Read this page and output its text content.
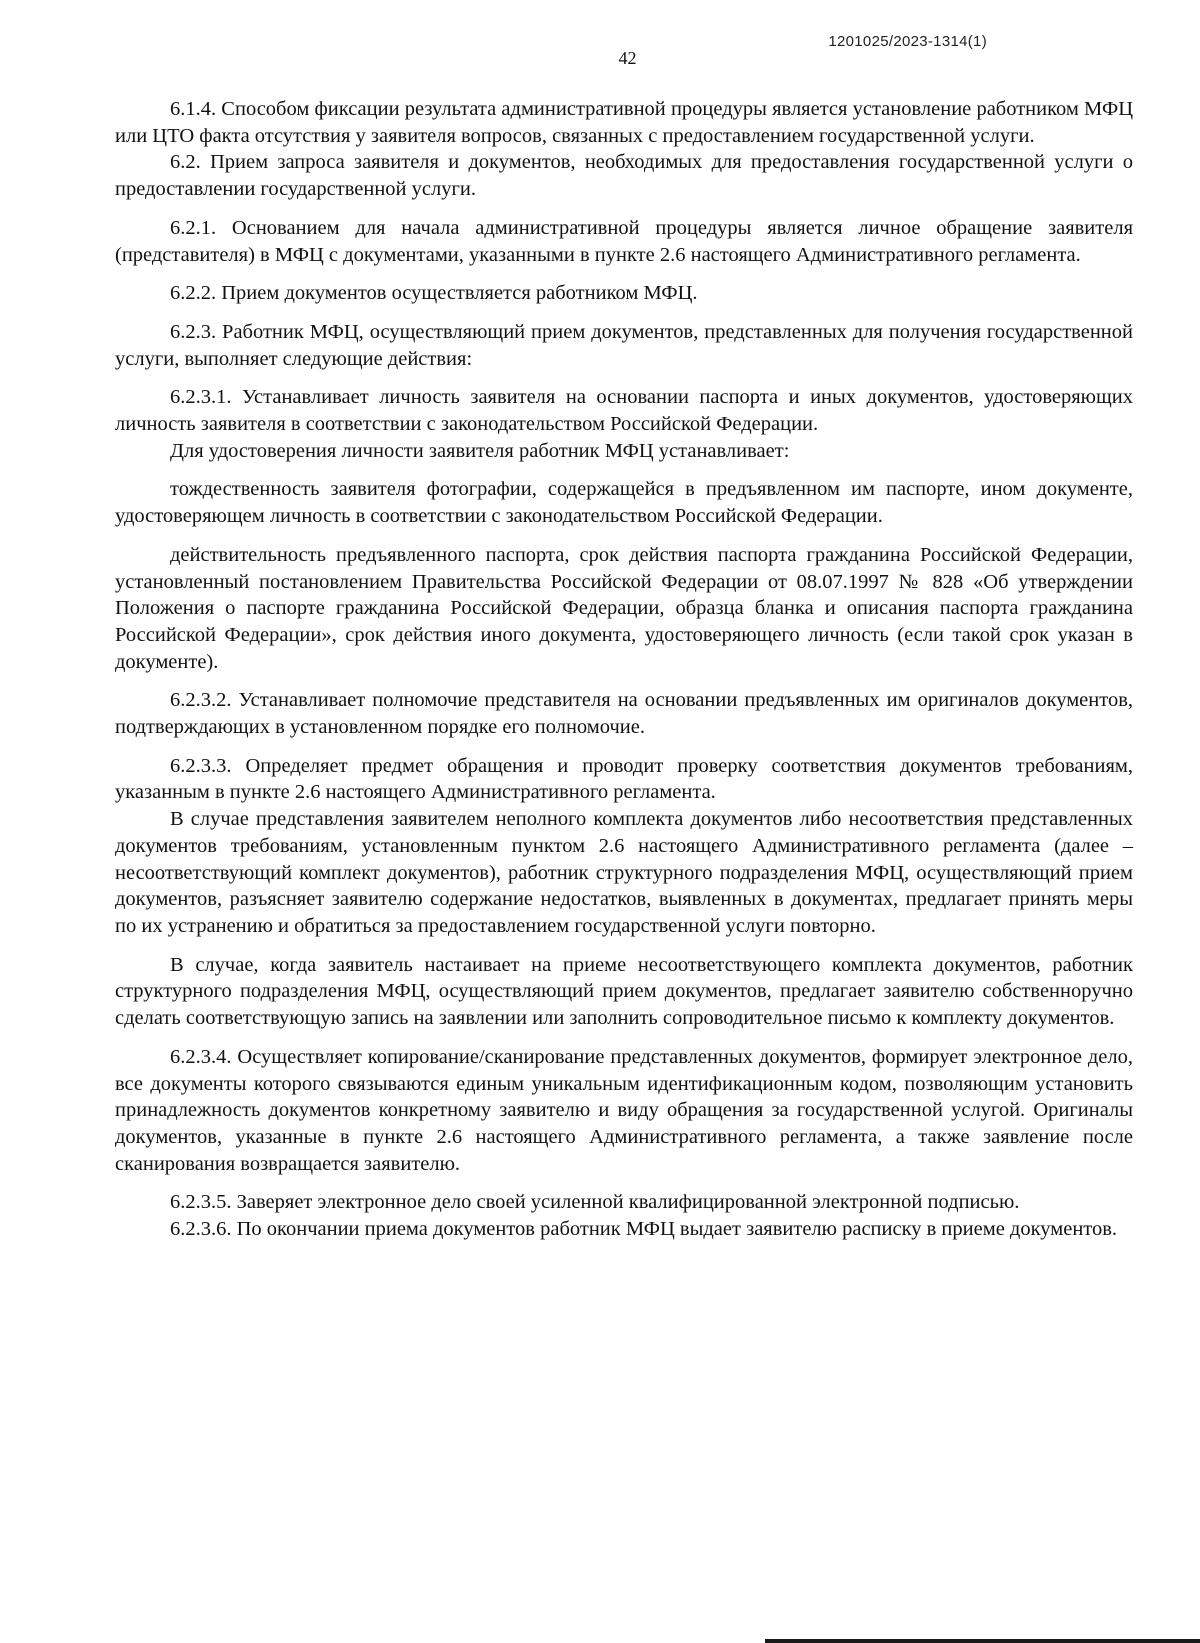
1201025/2023-1314(1)
42

6.1.4. Способом фиксации результата административной процедуры является установление работником МФЦ или ЦТО факта отсутствия у заявителя вопросов, связанных с предоставлением государственной услуги.

6.2. Прием запроса заявителя и документов, необходимых для предоставления государственной услуги о предоставлении государственной услуги.

6.2.1. Основанием для начала административной процедуры является личное обращение заявителя (представителя) в МФЦ с документами, указанными в пункте 2.6 настоящего Административного регламента.

6.2.2. Прием документов осуществляется работником МФЦ.

6.2.3. Работник МФЦ, осуществляющий прием документов, представленных для получения государственной услуги, выполняет следующие действия:

6.2.3.1. Устанавливает личность заявителя на основании паспорта и иных документов, удостоверяющих личность заявителя в соответствии с законодательством Российской Федерации.

Для удостоверения личности заявителя работник МФЦ устанавливает:

тождественность заявителя фотографии, содержащейся в предъявленном им паспорте, ином документе, удостоверяющем личность в соответствии с законодательством Российской Федерации.

действительность предъявленного паспорта, срок действия паспорта гражданина Российской Федерации, установленный постановлением Правительства Российской Федерации от 08.07.1997 № 828 «Об утверждении Положения о паспорте гражданина Российской Федерации, образца бланка и описания паспорта гражданина Российской Федерации», срок действия иного документа, удостоверяющего личность (если такой срок указан в документе).

6.2.3.2. Устанавливает полномочие представителя на основании предъявленных им оригиналов документов, подтверждающих в установленном порядке его полномочие.

6.2.3.3. Определяет предмет обращения и проводит проверку соответствия документов требованиям, указанным в пункте 2.6 настоящего Административного регламента.

В случае представления заявителем неполного комплекта документов либо несоответствия представленных документов требованиям, установленным пунктом 2.6 настоящего Административного регламента (далее – несоответствующий комплект документов), работник структурного подразделения МФЦ, осуществляющий прием документов, разъясняет заявителю содержание недостатков, выявленных в документах, предлагает принять меры по их устранению и обратиться за предоставлением государственной услуги повторно.

В случае, когда заявитель настаивает на приеме несоответствующего комплекта документов, работник структурного подразделения МФЦ, осуществляющий прием документов, предлагает заявителю собственноручно сделать соответствующую запись на заявлении или заполнить сопроводительное письмо к комплекту документов.

6.2.3.4. Осуществляет копирование/сканирование представленных документов, формирует электронное дело, все документы которого связываются единым уникальным идентификационным кодом, позволяющим установить принадлежность документов конкретному заявителю и виду обращения за государственной услугой. Оригиналы документов, указанные в пункте 2.6 настоящего Административного регламента, а также заявление после сканирования возвращается заявителю.

6.2.3.5. Заверяет электронное дело своей усиленной квалифицированной электронной подписью.

6.2.3.6. По окончании приема документов работник МФЦ выдает заявителю расписку в приеме документов.
